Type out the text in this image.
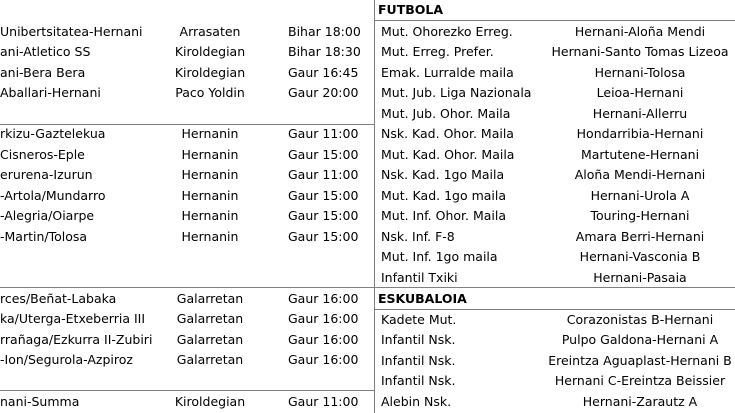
Unibertsitatea-Hernani	Arrasaten	Bihar 18:00
ani-Atletico SS	Kiroldegian	Bihar 18:30
ani-Bera Bera	Kiroldegian	Gaur 16:45
Aballari-Hernani	Paco Yoldin	Gaur 20:00
rkizu-Gaztelekua	Hernanin	Gaur 11:00
Cisneros-Eple	Hernanin	Gaur 15:00
erurena-Izurun	Hernanin	Gaur 11:00
-Artola/Mundarro	Hernanin	Gaur 15:00
-Alegria/Oiarpe	Hernanin	Gaur 15:00
-Martin/Tolosa	Hernanin	Gaur 15:00
rces/Beñat-Labaka	Galarretan	Gaur 16:00
ka/Uterga-Etxeberria III	Galarretan	Gaur 16:00
rrañaga/Ezkurra II-Zubiri	Galarretan	Gaur 16:00
-Ion/Segurola-Azpiroz	Galarretan	Gaur 16:00
nani-Summa	Kiroldegian	Gaur 11:00
FUTBOLA
Mut. Ohorezko Erreg.	Hernani-Aloña Mendi
Mut. Erreg. Prefer.	Hernani-Santo Tomas Lizeoa
Emak. Lurralde maila	Hernani-Tolosa
Mut. Jub. Liga Nazionala	Leioa-Hernani
Mut. Jub. Ohor. Maila	Hernani-Allerru
Nsk. Kad. Ohor. Maila	Hondarribia-Hernani
Mut. Kad. Ohor. Maila	Martutene-Hernani
Nsk. Kad. 1go Maila	Aloña Mendi-Hernani
Mut. Kad. 1go maila	Hernani-Urola A
Mut. Inf. Ohor. Maila	Touring-Hernani
Nsk. Inf. F-8	Amara Berri-Hernani
Mut. Inf. 1go maila	Hernani-Vasconia B
Infantil Txiki	Hernani-Pasaia
ESKUBALOIA
Kadete Mut.	Corazonistas B-Hernani
Infantil Nsk.	Pulpo Galdona-Hernani A
Infantil Nsk.	Ereintza Aguaplast-Hernani B
Infantil Nsk.	Hernani C-Ereintza Beissier
Alebin Nsk.	Hernani-Zarautz A
